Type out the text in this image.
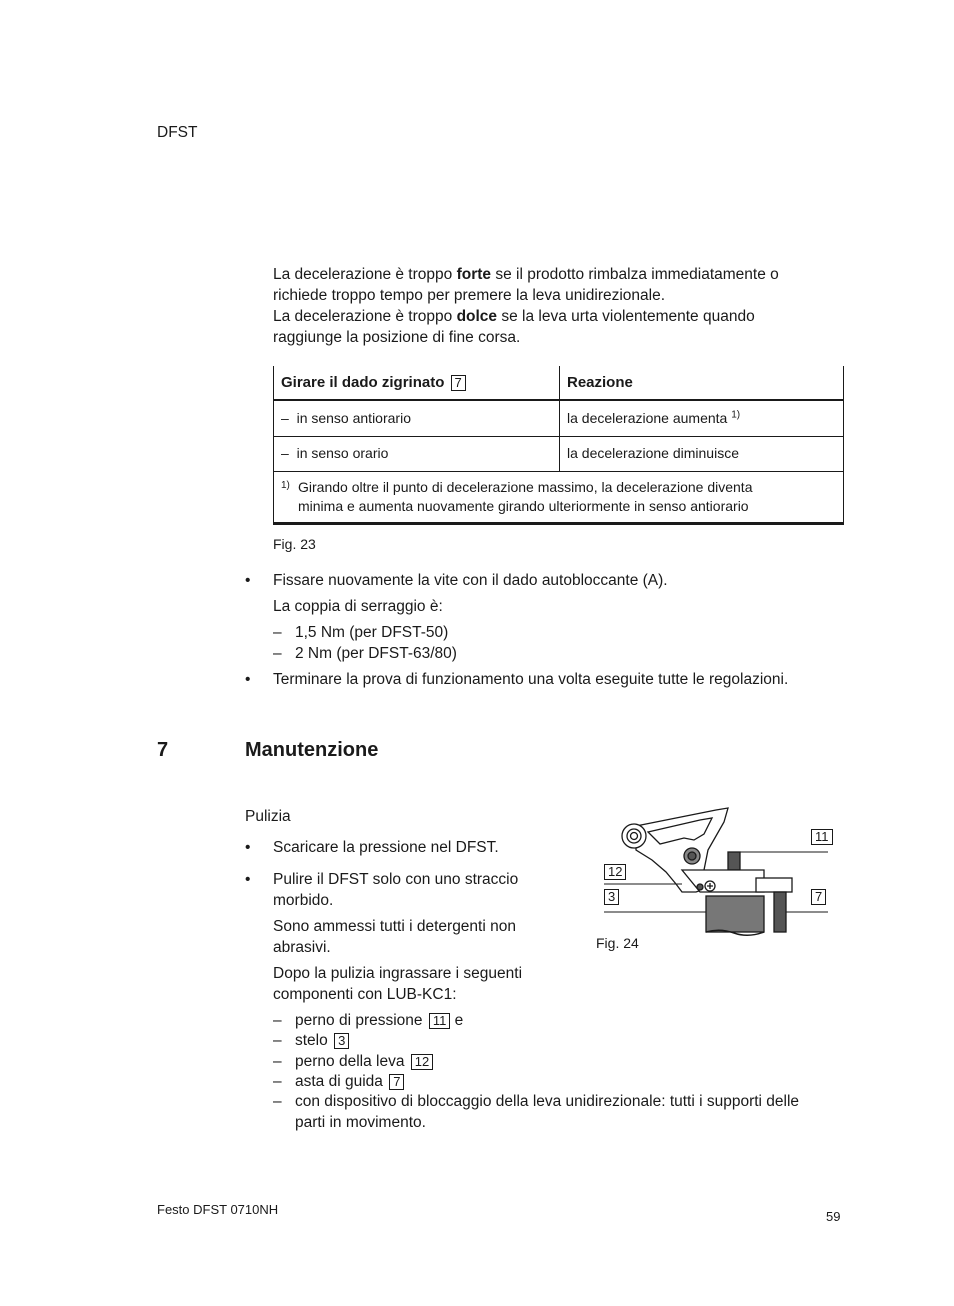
DFST
La decelerazione è troppo forte se il prodotto rimbalza immediatamente o
richiede troppo tempo per premere la leva unidirezionale.
La decelerazione è troppo dolce se la leva urta violentemente quando
raggiunge la posizione di fine corsa.
Girare il dado zigrinato 7	Reazione
– in senso antiorario	la decelerazione aumenta $^{1)}$
– in senso orario	la decelerazione diminuisce

1) Girando oltre il punto di decelerazione massimo, la decelerazione diventa
minima e aumenta nuovamente girando ulteriormente in senso antiorario	
Fig. 23
• Fissare nuovamente la vite con il dado autobloccante (A).
La coppia di serraggio è:
– 1,5 Nm (per DFST-50)
– 2 Nm (per DFST-63/80)
• Terminare la prova di funzionamento una volta eseguite tutte le regolazioni.
7	Manutenzione
Pulizia
• Scaricare la pressione nel DFST.
• Pulire il DFST solo con uno straccio
morbido.
Sono ammessi tutti i detergenti non
abrasivi.
Dopo la pulizia ingrassare i seguenti
componenti con LUB-KC1:
– perno di pressione 11 e
– stelo 3
– perno della leva 12
– asta di guida 7
– con dispositivo di bloccaggio della leva unidirezionale: tutti i supporti delle
parti in movimento.
11
12
3	7
Fig. 24
Festo DFST 0710NH	59
